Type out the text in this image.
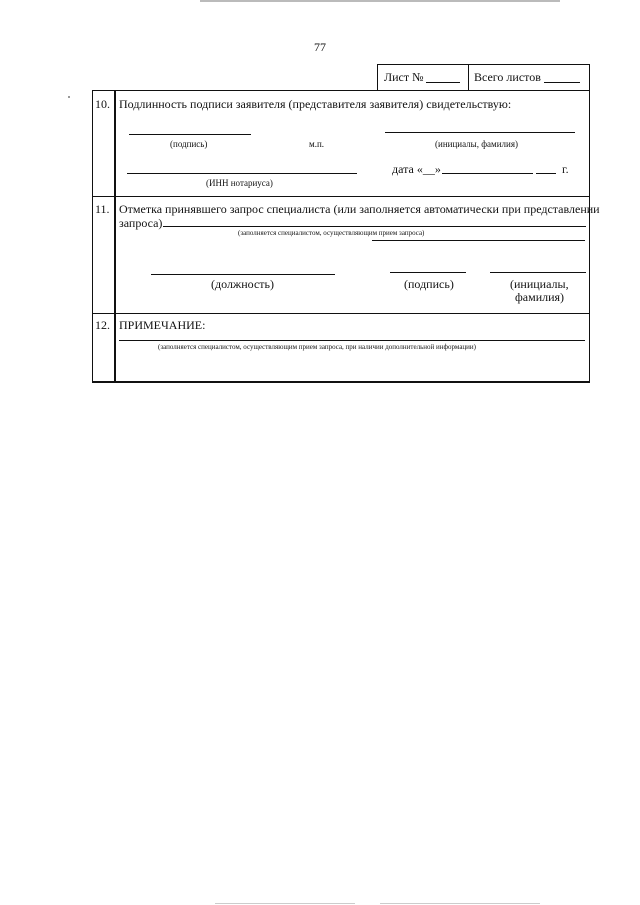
77
Лист №	Всего листов
10. Подлинность подписи заявителя (представителя заявителя) свидетельствую:
(подпись)	м.п.	(инициалы, фамилия)
(ИНН нотариуса)
дата «__»	г.
11. Отметка принявшего запрос специалиста (или заполняется автоматически при представлении
запроса)
(заполняется специалистом, осуществляющим прием запроса)
(должность)	(подпись)	(инициалы,
фамилия)
12. ПРИМЕЧАНИЕ:
(заполняется специалистом, осуществляющим прием запроса, при наличии дополнительной информации)
